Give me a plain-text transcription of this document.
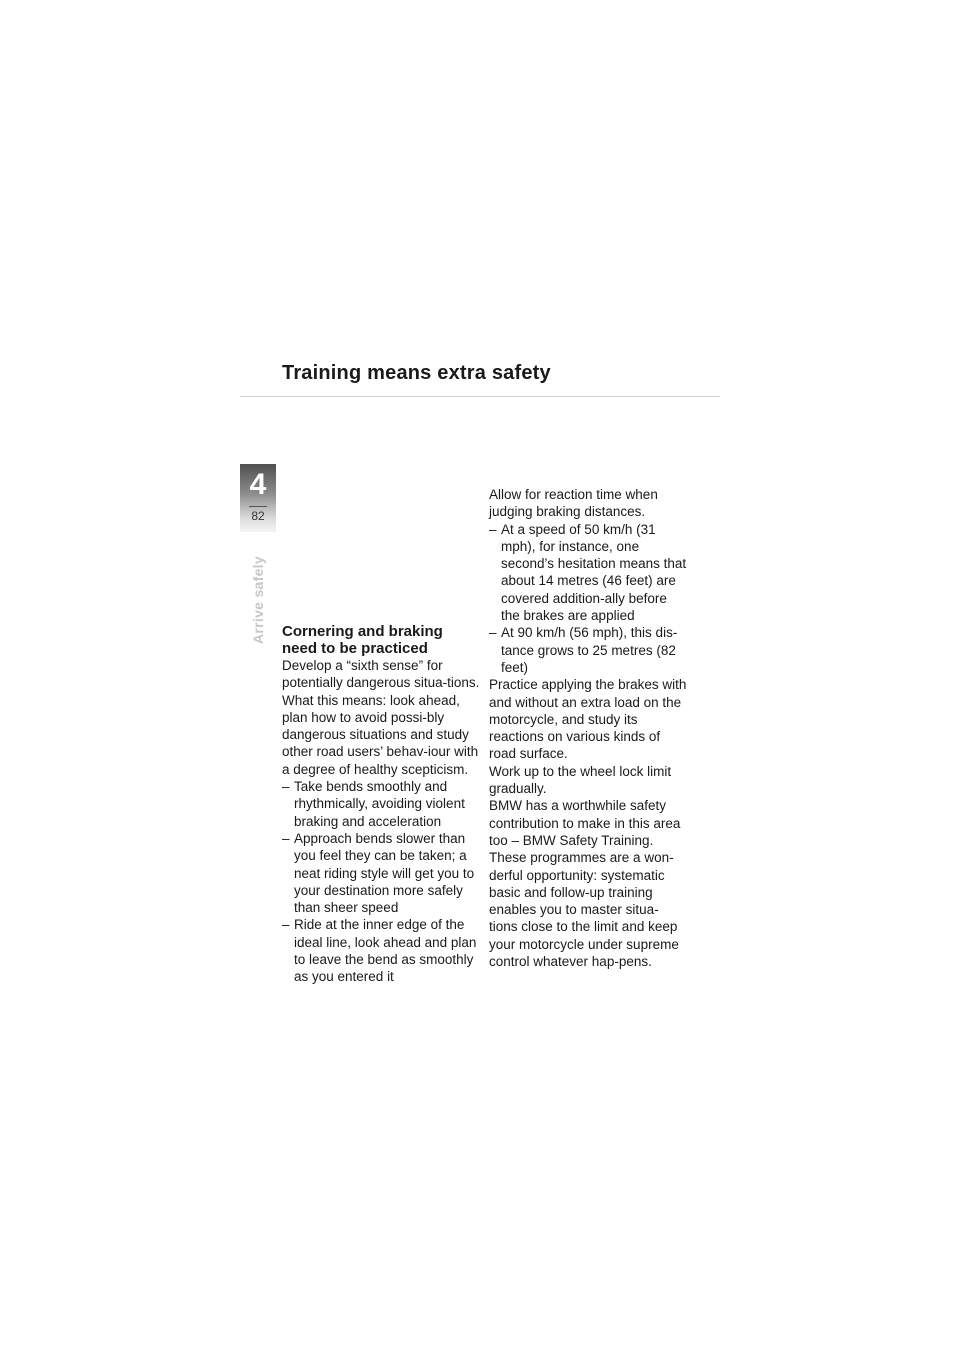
Training means extra safety
4
82
Arrive safely	Cornering and braking need to be practiced

Develop a “sixth sense” for potentially dangerous situa-tions. What this means: look ahead, plan how to avoid possi-bly dangerous situations and study other road users’ behav-iour with a degree of healthy scepticism.

– Take bends smoothly and rhythmically, avoiding violent braking and acceleration
– Approach bends slower than you feel they can be taken; a neat riding style will get you to your destination more safely than sheer speed
– Ride at the inner edge of the ideal line, look ahead and plan to leave the bend as smoothly as you entered it

Allow for reaction time when judging braking distances.

– At a speed of 50 km/h (31 mph), for instance, one second’s hesitation means that about 14 metres (46 feet) are covered addition-ally before the brakes are applied
– At 90 km/h (56 mph), this dis-tance grows to 25 metres (82 feet)

Practice applying the brakes with and without an extra load on the motorcycle, and study its reactions on various kinds of road surface.

Work up to the wheel lock limit gradually.

BMW has a worthwhile safety contribution to make in this area too – BMW Safety Training. These programmes are a won-derful opportunity: systematic basic and follow-up training enables you to master situa-tions close to the limit and keep your motorcycle under supreme control whatever hap-pens.
